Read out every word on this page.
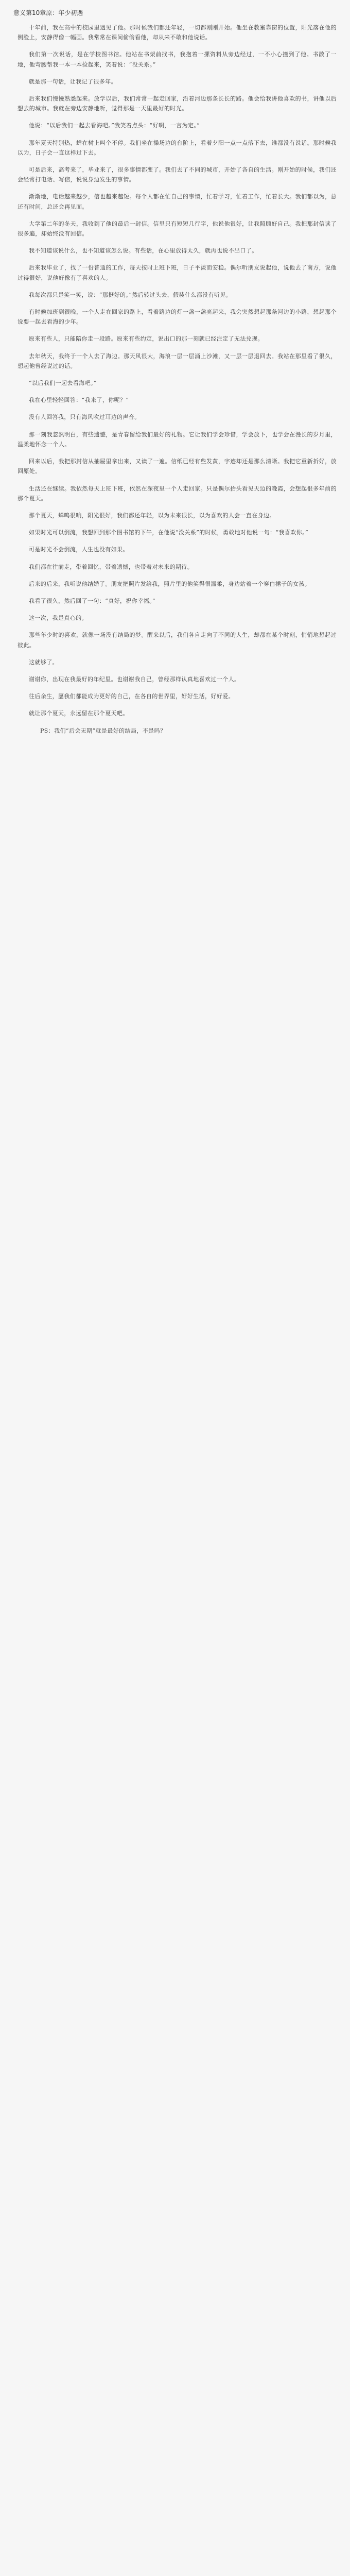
意义第10章原：年少初遇

十年前，我在高中的校园里遇见了他。那时候我们都还年轻，一切都刚刚开始。他坐在教室靠窗的位置，阳光落在他的侧脸上，安静得像一幅画。我常常在课间偷偷看他，却从来不敢和他说话。

我们第一次说话，是在学校图书馆。他站在书架前找书，我抱着一摞资料从旁边经过，一不小心撞到了他。书散了一地，他弯腰帮我一本一本捡起来，笑着说：“没关系。”

就是那一句话，让我记了很多年。

后来我们慢慢熟悉起来。放学以后，我们常常一起走回家，沿着河边那条长长的路。他会给我讲他喜欢的书，讲他以后想去的城市。我就在旁边安静地听，觉得那是一天里最好的时光。

他说：“以后我们一起去看海吧。”我笑着点头：“好啊，一言为定。”

那年夏天特别热，蝉在树上叫个不停。我们坐在操场边的台阶上，看着夕阳一点一点落下去，谁都没有说话。那时候我以为，日子会一直这样过下去。

可是后来，高考来了，毕业来了，很多事情都变了。我们去了不同的城市，开始了各自的生活。刚开始的时候，我们还会经常打电话、写信，说说身边发生的事情。

渐渐地，电话越来越少，信也越来越短。每个人都在忙自己的事情，忙着学习，忙着工作，忙着长大。我们都以为，总还有时间，总还会再见面。

大学第二年的冬天，我收到了他的最后一封信。信里只有短短几行字，他说他很好，让我照顾好自己。我把那封信读了很多遍，却始终没有回信。

我不知道该说什么，也不知道该怎么说。有些话，在心里放得太久，就再也说不出口了。

后来我毕业了，找了一份普通的工作，每天按时上班下班，日子平淡而安稳。偶尔听朋友说起他，说他去了南方，说他过得很好，说他好像有了喜欢的人。

我每次都只是笑一笑，说：“那挺好的。”然后转过头去，假装什么都没有听见。

有时候加班到很晚，一个人走在回家的路上，看着路边的灯一盏一盏亮起来，我会突然想起那条河边的小路，想起那个说要一起去看海的少年。

原来有些人，只能陪你走一段路。原来有些约定，说出口的那一刻就已经注定了无法兑现。

去年秋天，我终于一个人去了海边。那天风很大，海浪一层一层涌上沙滩，又一层一层退回去。我站在那里看了很久，想起他曾经说过的话。

“以后我们一起去看海吧。”

我在心里轻轻回答：“我来了，你呢？”

没有人回答我，只有海风吹过耳边的声音。

那一刻我忽然明白，有些遗憾，是青春留给我们最好的礼物。它让我们学会珍惜，学会放下，也学会在漫长的岁月里，温柔地怀念一个人。

回来以后，我把那封信从抽屉里拿出来，又读了一遍。信纸已经有些发黄，字迹却还是那么清晰。我把它重新折好，放回原处。

生活还在继续。我依然每天上班下班，依然在深夜里一个人走回家。只是偶尔抬头看见天边的晚霞，会想起很多年前的那个夏天。

那个夏天，蝉鸣很响，阳光很好，我们都还年轻，以为未来很长，以为喜欢的人会一直在身边。

如果时光可以倒流，我想回到那个图书馆的下午，在他说“没关系”的时候，勇敢地对他说一句：“我喜欢你。”

可是时光不会倒流，人生也没有如果。

我们都在往前走，带着回忆，带着遗憾，也带着对未来的期待。

后来的后来，我听说他结婚了。朋友把照片发给我，照片里的他笑得很温柔，身边站着一个穿白裙子的女孩。

我看了很久，然后回了一句：“真好，祝你幸福。”

这一次，我是真心的。

那些年少时的喜欢，就像一场没有结局的梦。醒来以后，我们各自走向了不同的人生，却都在某个时刻，悄悄地想起过彼此。

这就够了。

谢谢你，出现在我最好的年纪里。也谢谢我自己，曾经那样认真地喜欢过一个人。

往后余生，愿我们都能成为更好的自己，在各自的世界里，好好生活，好好爱。

就让那个夏天，永远留在那个夏天吧。

PS：我们“后会无期”就是最好的结局，不是吗？
